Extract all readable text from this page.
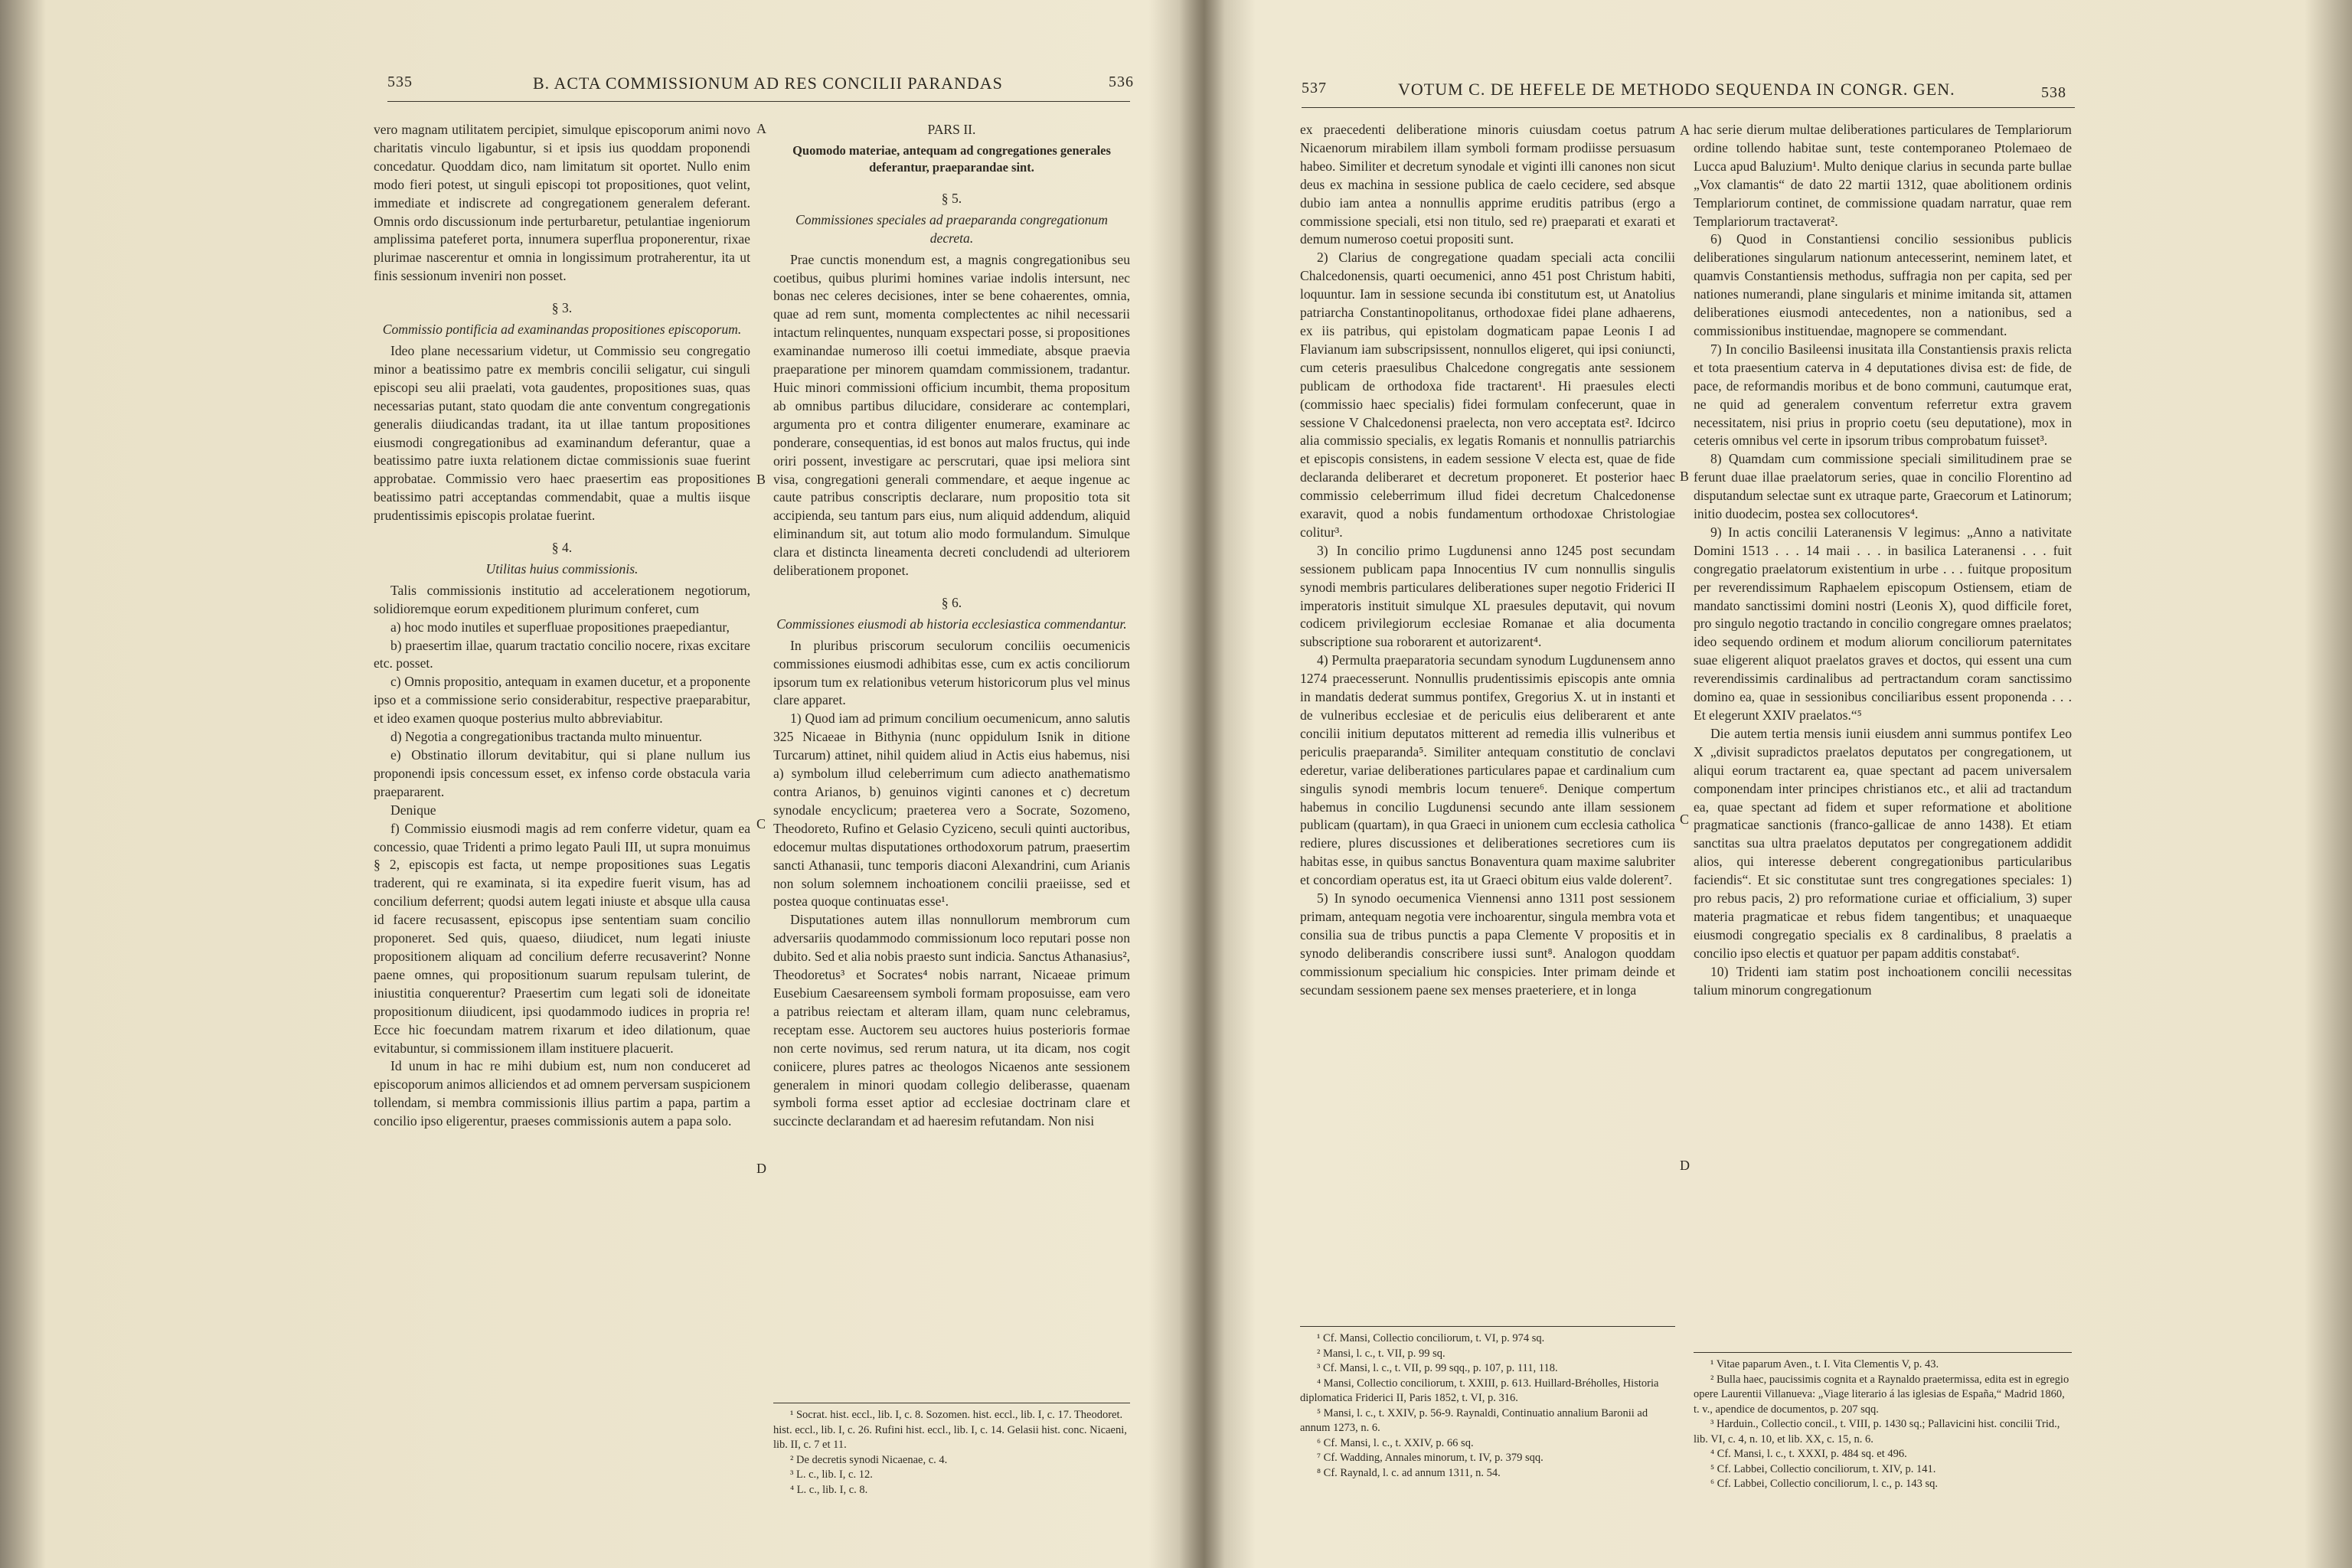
535	B. ACTA COMMISSIONUM AD RES CONCILII PARANDAS	536

vero magnam utilitatem percipiet, simulque episcoporum animi novo charitatis vinculo ligabuntur, si et ipsis ius quoddam proponendi concedatur. Quoddam dico, nam limitatum sit oportet. Nullo enim modo fieri potest, ut singuli episcopi tot propositiones, quot velint, immediate et indiscrete ad congregationem generalem deferant. Omnis ordo discussionum inde perturbaretur, petulantiae ingeniorum amplissima pateferet porta, innumera superflua proponerentur, rixae plurimae nascerentur et omnia in longissimum protraherentur, ita ut finis sessionum inveniri non posset.

§ 3.
Commissio pontificia ad examinandas propositiones episcoporum.

Ideo plane necessarium videtur, ut Commissio seu congregatio minor a beatissimo patre ex membris concilii seligatur, cui singuli episcopi seu alii praelati, vota gaudentes, propositiones suas, quas necessarias putant, stato quodam die ante conventum congregationis generalis diiudicandas tradant, ita ut illae tantum propositiones eiusmodi congregationibus ad examinandum deferantur, quae a beatissimo patre iuxta relationem dictae commissionis suae fuerint approbatae. Commissio vero haec praesertim eas propositiones beatissimo patri acceptandas commendabit, quae a multis iisque prudentissimis episcopis prolatae fuerint.

§ 4.
Utilitas huius commissionis.

Talis commissionis institutio ad accelerationem negotiorum, solidioremque eorum expeditionem plurimum conferet, cum

a) hoc modo inutiles et superfluae propositiones praepediantur,
b) praesertim illae, quarum tractatio concilio nocere, rixas excitare etc. posset.
c) Omnis propositio, antequam in examen ducetur, et a proponente ipso et a commissione serio considerabitur, respective praeparabitur, et ideo examen quoque posterius multo abbreviabitur.
d) Negotia a congregationibus tractanda multo minuentur.
e) Obstinatio illorum devitabitur, qui si plane nullum ius proponendi ipsis concessum esset, ex infenso corde obstacula varia praepararent.

Denique

f) Commissio eiusmodi magis ad rem conferre videtur, quam ea concessio, quae Tridenti a primo legato Pauli III, ut supra monuimus § 2, episcopis est facta, ut nempe propositiones suas Legatis traderent, qui re examinata, si ita expedire fuerit visum, has ad concilium deferrent; quodsi autem legati iniuste et absque ulla causa id facere recusassent, episcopus ipse sententiam suam concilio proponeret. Sed quis, quaeso, diiudicet, num legati iniuste propositionem aliquam ad concilium deferre recusaverint? Nonne paene omnes, qui propositionum suarum repulsam tulerint, de iniustitia conquerentur? Praesertim cum legati soli de idoneitate propositionum diiudicent, ipsi quodammodo iudices in propria re! Ecce hic foecundam matrem rixarum et ideo dilationum, quae evitabuntur, si commissionem illam instituere placuerit.

Id unum in hac re mihi dubium est, num non conduceret ad episcoporum animos alliciendos et ad omnem perversam suspicionem tollendam, si membra commissionis illius partim a papa, partim a concilio ipso eligerentur, praeses commissionis autem a papa solo.

A
B
C
D
PARS II.
Quomodo materiae, antequam ad congregationes generales deferantur, praeparandae sint.
§ 5.
Commissiones speciales ad praeparanda congregationum decreta.

Prae cunctis monendum est, a magnis congregationibus seu coetibus, quibus plurimi homines variae indolis intersunt, nec bonas nec celeres decisiones, inter se bene cohaerentes, omnia, quae ad rem sunt, momenta complectentes ac nihil necessarii intactum relinquentes, nunquam exspectari posse, si propositiones examinandae numeroso illi coetui immediate, absque praevia praeparatione per minorem quamdam commissionem, tradantur. Huic minori commissioni officium incumbit, thema propositum ab omnibus partibus dilucidare, considerare ac contemplari, argumenta pro et contra diligenter enumerare, examinare ac ponderare, consequentias, id est bonos aut malos fructus, qui inde oriri possent, investigare ac perscrutari, quae ipsi meliora sint visa, congregationi generali commendare, et aeque ingenue ac caute patribus conscriptis declarare, num propositio tota sit accipienda, seu tantum pars eius, num aliquid addendum, aliquid eliminandum sit, aut totum alio modo formulandum. Simulque clara et distincta lineamenta decreti concludendi ad ulteriorem deliberationem proponet.

§ 6.
Commissiones eiusmodi ab historia ecclesiastica commendantur.

In pluribus priscorum seculorum conciliis oecumenicis commissiones eiusmodi adhibitas esse, cum ex actis conciliorum ipsorum tum ex relationibus veterum historicorum plus vel minus clare apparet.

1) Quod iam ad primum concilium oecumenicum, anno salutis 325 Nicaeae in Bithynia (nunc oppidulum Isnik in ditione Turcarum) attinet, nihil quidem aliud in Actis eius habemus, nisi a) symbolum illud celeberrimum cum adiecto anathematismo contra Arianos, b) genuinos viginti canones et c) decretum synodale encyclicum; praeterea vero a Socrate, Sozomeno, Theodoreto, Rufino et Gelasio Cyziceno, seculi quinti auctoribus, edocemur multas disputationes orthodoxorum patrum, praesertim sancti Athanasii, tunc temporis diaconi Alexandrini, cum Arianis non solum solemnem inchoationem concilii praeiisse, sed et postea quoque continuatas esse¹.

Disputationes autem illas nonnullorum membrorum cum adversariis quodammodo commissionum loco reputari posse non dubito. Sed et alia nobis praesto sunt indicia. Sanctus Athanasius², Theodoretus³ et Socrates⁴ nobis narrant, Nicaeae primum Eusebium Caesareensem symboli formam proposuisse, eam vero a patribus reiectam et alteram illam, quam nunc celebramus, receptam esse. Auctorem seu auctores huius posterioris formae non certe novimus, sed rerum natura, ut ita dicam, nos cogit coniicere, plures patres ac theologos Nicaenos ante sessionem generalem in minori quodam collegio deliberasse, quaenam symboli forma esset aptior ad ecclesiae doctrinam clare et succincte declarandam et ad haeresim refutandam. Non nisi

¹ Socrat. hist. eccl., lib. I, c. 8. Sozomen. hist. eccl., lib. I, c. 17. Theodoret. hist. eccl., lib. I, c. 26. Rufini hist. eccl., lib. I, c. 14. Gelasii hist. conc. Nicaeni, lib. II, c. 7 et 11.
² De decretis synodi Nicaenae, c. 4.
³ L. c., lib. I, c. 12.
⁴ L. c., lib. I, c. 8.
537	VOTUM C. DE HEFELE DE METHODO SEQUENDA IN CONGR. GEN.	538

ex praecedenti deliberatione minoris cuiusdam coetus patrum Nicaenorum mirabilem illam symboli formam prodiisse persuasum habeo. Similiter et decretum synodale et viginti illi canones non sicut deus ex machina in sessione publica de caelo cecidere, sed absque dubio iam antea a nonnullis apprime eruditis patribus (ergo a commissione speciali, etsi non titulo, sed re) praeparati et exarati et demum numeroso coetui propositi sunt.

2) Clarius de congregatione quadam speciali acta concilii Chalcedonensis, quarti oecumenici, anno 451 post Christum habiti, loquuntur. Iam in sessione secunda ibi constitutum est, ut Anatolius patriarcha Constantinopolitanus, orthodoxae fidei plane adhaerens, ex iis patribus, qui epistolam dogmaticam papae Leonis I ad Flavianum iam subscripsissent, nonnullos eligeret, qui ipsi coniuncti, cum ceteris praesulibus Chalcedone congregatis ante sessionem publicam de orthodoxa fide tractarent¹. Hi praesules electi (commissio haec specialis) fidei formulam confecerunt, quae in sessione V Chalcedonensi praelecta, non vero acceptata est². Idcirco alia commissio specialis, ex legatis Romanis et nonnullis patriarchis et episcopis consistens, in eadem sessione V electa est, quae de fide declaranda deliberaret et decretum proponeret. Et posterior haec commissio celeberrimum illud fidei decretum Chalcedonense exaravit, quod a nobis fundamentum orthodoxae Christologiae colitur³.

3) In concilio primo Lugdunensi anno 1245 post secundam sessionem publicam papa Innocentius IV cum nonnullis singulis synodi membris particulares deliberationes super negotio Friderici II imperatoris instituit simulque XL praesules deputavit, qui novum codicem privilegiorum ecclesiae Romanae et alia documenta subscriptione sua roborarent et autorizarent⁴.

4) Permulta praeparatoria secundam synodum Lugdunensem anno 1274 praecesserunt. Nonnullis prudentissimis episcopis ante omnia in mandatis dederat summus pontifex, Gregorius X. ut in instanti et de vulneribus ecclesiae et de periculis eius deliberarent et ante concilii initium deputatos mitterent ad remedia illis vulneribus et periculis praeparanda⁵. Similiter antequam constitutio de conclavi ederetur, variae deliberationes particulares papae et cardinalium cum singulis synodi membris locum tenuere⁶. Denique compertum habemus in concilio Lugdunensi secundo ante illam sessionem publicam (quartam), in qua Graeci in unionem cum ecclesia catholica rediere, plures discussiones et deliberationes secretiores cum iis habitas esse, in quibus sanctus Bonaventura quam maxime salubriter et concordiam operatus est, ita ut Graeci obitum eius valde dolerent⁷.

5) In synodo oecumenica Viennensi anno 1311 post sessionem primam, antequam negotia vere inchoarentur, singula membra vota et consilia sua de tribus punctis a papa Clemente V propositis et in synodo deliberandis conscribere iussi sunt⁸. Analogon quoddam commissionum specialium hic conspicies. Inter primam deinde et secundam sessionem paene sex menses praeteriere, et in longa

A
B
C
D
¹ Cf. Mansi, Collectio conciliorum, t. VI, p. 974 sq.
² Mansi, l. c., t. VII, p. 99 sq.
³ Cf. Mansi, l. c., t. VII, p. 99 sqq., p. 107, p. 111, 118.
⁴ Mansi, Collectio conciliorum, t. XXIII, p. 613. Huillard-Bréholles, Historia diplomatica Friderici II, Paris 1852, t. VI, p. 316.
⁵ Mansi, l. c., t. XXIV, p. 56-9. Raynaldi, Continuatio annalium Baronii ad annum 1273, n. 6.
⁶ Cf. Mansi, l. c., t. XXIV, p. 66 sq.
⁷ Cf. Wadding, Annales minorum, t. IV, p. 379 sqq.
⁸ Cf. Raynald, l. c. ad annum 1311, n. 54.

hac serie dierum multae deliberationes particulares de Templariorum ordine tollendo habitae sunt, teste contemporaneo Ptolemaeo de Lucca apud Baluzium¹. Multo denique clarius in secunda parte bullae „Vox clamantis“ de dato 22 martii 1312, quae abolitionem ordinis Templariorum continet, de commissione quadam narratur, quae rem Templariorum tractaverat².

6) Quod in Constantiensi concilio sessionibus publicis deliberationes singularum nationum antecesserint, neminem latet, et quamvis Constantiensis methodus, suffragia non per capita, sed per nationes numerandi, plane singularis et minime imitanda sit, attamen deliberationes eiusmodi antecedentes, non a nationibus, sed a commissionibus instituendae, magnopere se commendant.

7) In concilio Basileensi inusitata illa Constantiensis praxis relicta et tota praesentium caterva in 4 deputationes divisa est: de fide, de pace, de reformandis moribus et de bono communi, cautumque erat, ne quid ad generalem conventum referretur extra gravem necessitatem, nisi prius in proprio coetu (seu deputatione), mox in ceteris omnibus vel certe in ipsorum tribus comprobatum fuisset³.

8) Quamdam cum commissione speciali similitudinem prae se ferunt duae illae praelatorum series, quae in concilio Florentino ad disputandum selectae sunt ex utraque parte, Graecorum et Latinorum; initio duodecim, postea sex collocutores⁴.

9) In actis concilii Lateranensis V legimus: „Anno a nativitate Domini 1513 . . . 14 maii . . . in basilica Lateranensi . . . fuit congregatio praelatorum existentium in urbe . . . fuitque propositum per reverendissimum Raphaelem episcopum Ostiensem, etiam de mandato sanctissimi domini nostri (Leonis X), quod difficile foret, pro singulo negotio tractando in concilio congregare omnes praelatos; ideo sequendo ordinem et modum aliorum conciliorum paternitates suae eligerent aliquot praelatos graves et doctos, qui essent una cum reverendissimis cardinalibus ad pertractandum coram sanctissimo domino ea, quae in sessionibus conciliaribus essent proponenda . . . Et elegerunt XXIV praelatos.“⁵

Die autem tertia mensis iunii eiusdem anni summus pontifex Leo X „divisit supradictos praelatos deputatos per congregationem, ut aliqui eorum tractarent ea, quae spectant ad pacem universalem componendam inter principes christianos etc., et alii ad tractandum ea, quae spectant ad fidem et super reformatione et abolitione pragmaticae sanctionis (franco-gallicae de anno 1438). Et etiam sanctitas sua ultra praelatos deputatos per congregationem addidit alios, qui interesse deberent congregationibus particularibus faciendis“. Et sic constitutae sunt tres congregationes speciales: 1) pro rebus pacis, 2) pro reformatione curiae et officialium, 3) super materia pragmaticae et rebus fidem tangentibus; et unaquaeque eiusmodi congregatio specialis ex 8 cardinalibus, 8 praelatis a concilio ipso electis et quatuor per papam additis constabat⁶.

10) Tridenti iam statim post inchoationem concilii necessitas talium minorum congregationum

¹ Vitae paparum Aven., t. I. Vita Clementis V, p. 43.
² Bulla haec, paucissimis cognita et a Raynaldo praetermissa, edita est in egregio opere Laurentii Villanueva: „Viage literario á las iglesias de España,“ Madrid 1860, t. v., apendice de documentos, p. 207 sqq.
³ Harduin., Collectio concil., t. VIII, p. 1430 sq.; Pallavicini hist. concilii Trid., lib. VI, c. 4, n. 10, et lib. XX, c. 15, n. 6.
⁴ Cf. Mansi, l. c., t. XXXI, p. 484 sq. et 496.
⁵ Cf. Labbei, Collectio conciliorum, t. XIV, p. 141.
⁶ Cf. Labbei, Collectio conciliorum, l. c., p. 143 sq.
